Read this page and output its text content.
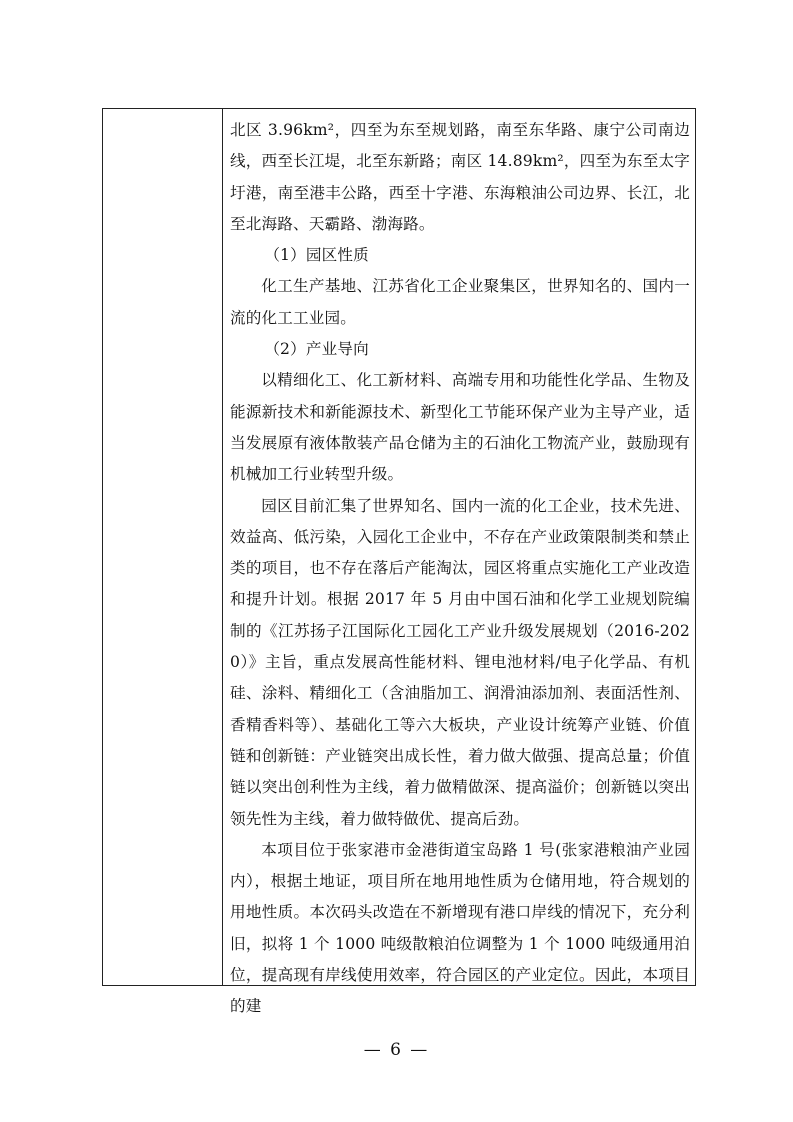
北区 3.96km²，四至为东至规划路，南至东华路、康宁公司南边线，西至长江堤，北至东新路；南区 14.89km²，四至为东至太字圩港，南至港丰公路，西至十字港、东海粮油公司边界、长江，北至北海路、天霸路、渤海路。

（1）园区性质

化工生产基地、江苏省化工企业聚集区，世界知名的、国内一流的化工工业园。

（2）产业导向

以精细化工、化工新材料、高端专用和功能性化学品、生物及能源新技术和新能源技术、新型化工节能环保产业为主导产业，适当发展原有液体散装产品仓储为主的石油化工物流产业，鼓励现有机械加工行业转型升级。

园区目前汇集了世界知名、国内一流的化工企业，技术先进、效益高、低污染，入园化工企业中，不存在产业政策限制类和禁止类的项目，也不存在落后产能淘汰，园区将重点实施化工产业改造和提升计划。根据 2017 年 5 月由中国石油和化学工业规划院编制的《江苏扬子江国际化工园化工产业升级发展规划（2016-2020）》主旨，重点发展高性能材料、锂电池材料/电子化学品、有机硅、涂料、精细化工（含油脂加工、润滑油添加剂、表面活性剂、香精香料等）、基础化工等六大板块，产业设计统筹产业链、价值链和创新链：产业链突出成长性，着力做大做强、提高总量；价值链以突出创利性为主线，着力做精做深、提高溢价；创新链以突出领先性为主线，着力做特做优、提高后劲。

本项目位于张家港市金港街道宝岛路 1 号(张家港粮油产业园内），根据土地证，项目所在地用地性质为仓储用地，符合规划的用地性质。本次码头改造在不新增现有港口岸线的情况下，充分利旧，拟将 1 个 1000 吨级散粮泊位调整为 1 个 1000 吨级通用泊位，提高现有岸线使用效率，符合园区的产业定位。因此，本项目的建

— 6 —
